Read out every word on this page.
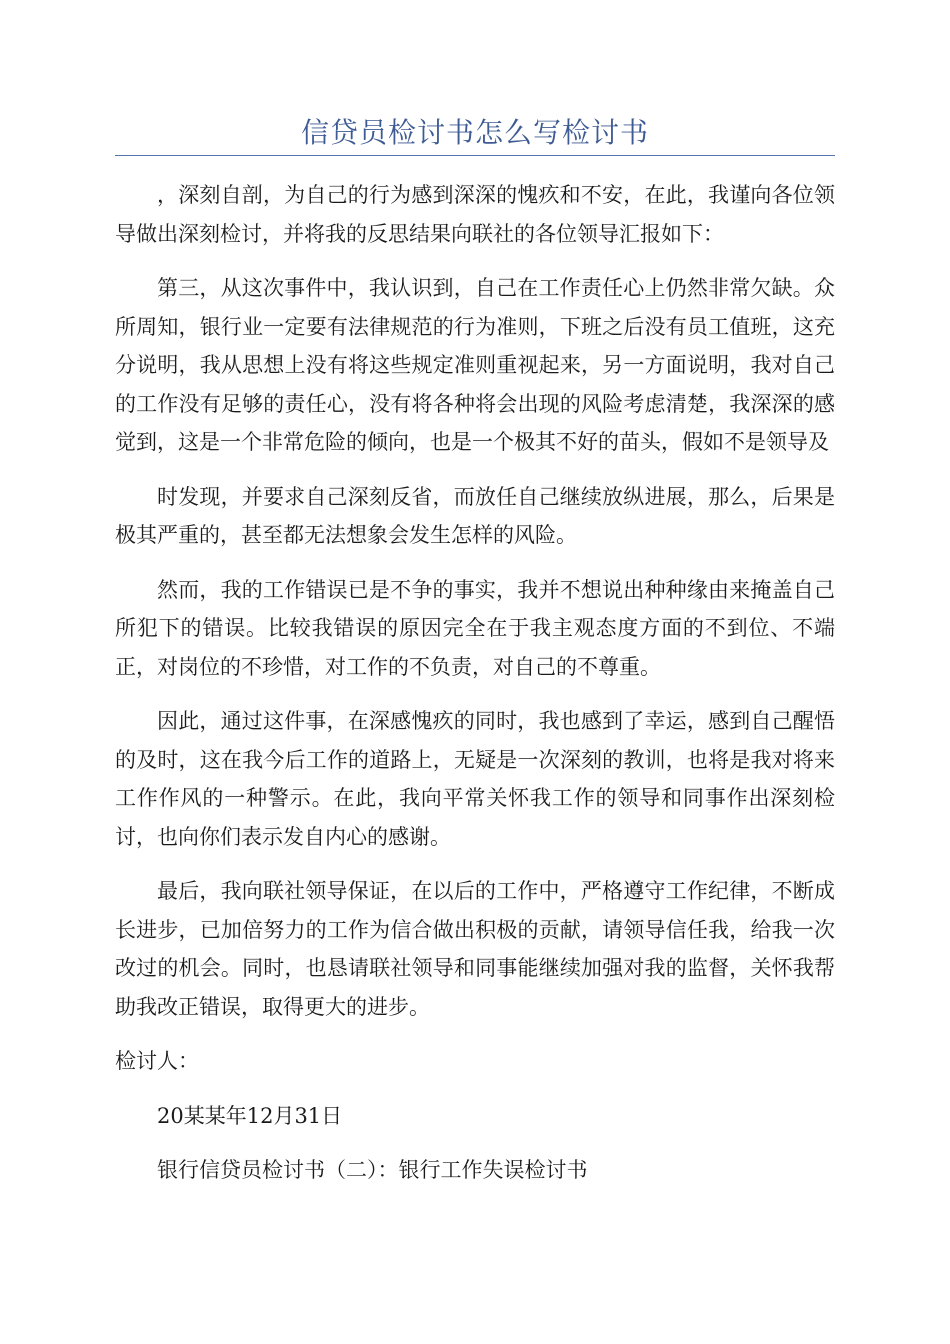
信贷员检讨书怎么写检讨书

，深刻自剖，为自己的行为感到深深的愧疚和不安，在此，我谨向各位领导做出深刻检讨，并将我的反思结果向联社的各位领导汇报如下：

第三，从这次事件中，我认识到，自己在工作责任心上仍然非常欠缺。众所周知，银行业一定要有法律规范的行为准则，下班之后没有员工值班，这充分说明，我从思想上没有将这些规定准则重视起来，另一方面说明，我对自己的工作没有足够的责任心，没有将各种将会出现的风险考虑清楚，我深深的感觉到，这是一个非常危险的倾向，也是一个极其不好的苗头，假如不是领导及

时发现，并要求自己深刻反省，而放任自己继续放纵进展，那么，后果是极其严重的，甚至都无法想象会发生怎样的风险。

然而，我的工作错误已是不争的事实，我并不想说出种种缘由来掩盖自己所犯下的错误。比较我错误的原因完全在于我主观态度方面的不到位、不端正，对岗位的不珍惜，对工作的不负责，对自己的不尊重。

因此，通过这件事，在深感愧疚的同时，我也感到了幸运，感到自己醒悟的及时，这在我今后工作的道路上，无疑是一次深刻的教训，也将是我对将来工作作风的一种警示。在此，我向平常关怀我工作的领导和同事作出深刻检讨，也向你们表示发自内心的感谢。

最后，我向联社领导保证，在以后的工作中，严格遵守工作纪律，不断成长进步，已加倍努力的工作为信合做出积极的贡献，请领导信任我，给我一次改过的机会。同时，也恳请联社领导和同事能继续加强对我的监督，关怀我帮助我改正错误，取得更大的进步。

检讨人：

20某某年12月31日

银行信贷员检讨书（二）：银行工作失误检讨书
